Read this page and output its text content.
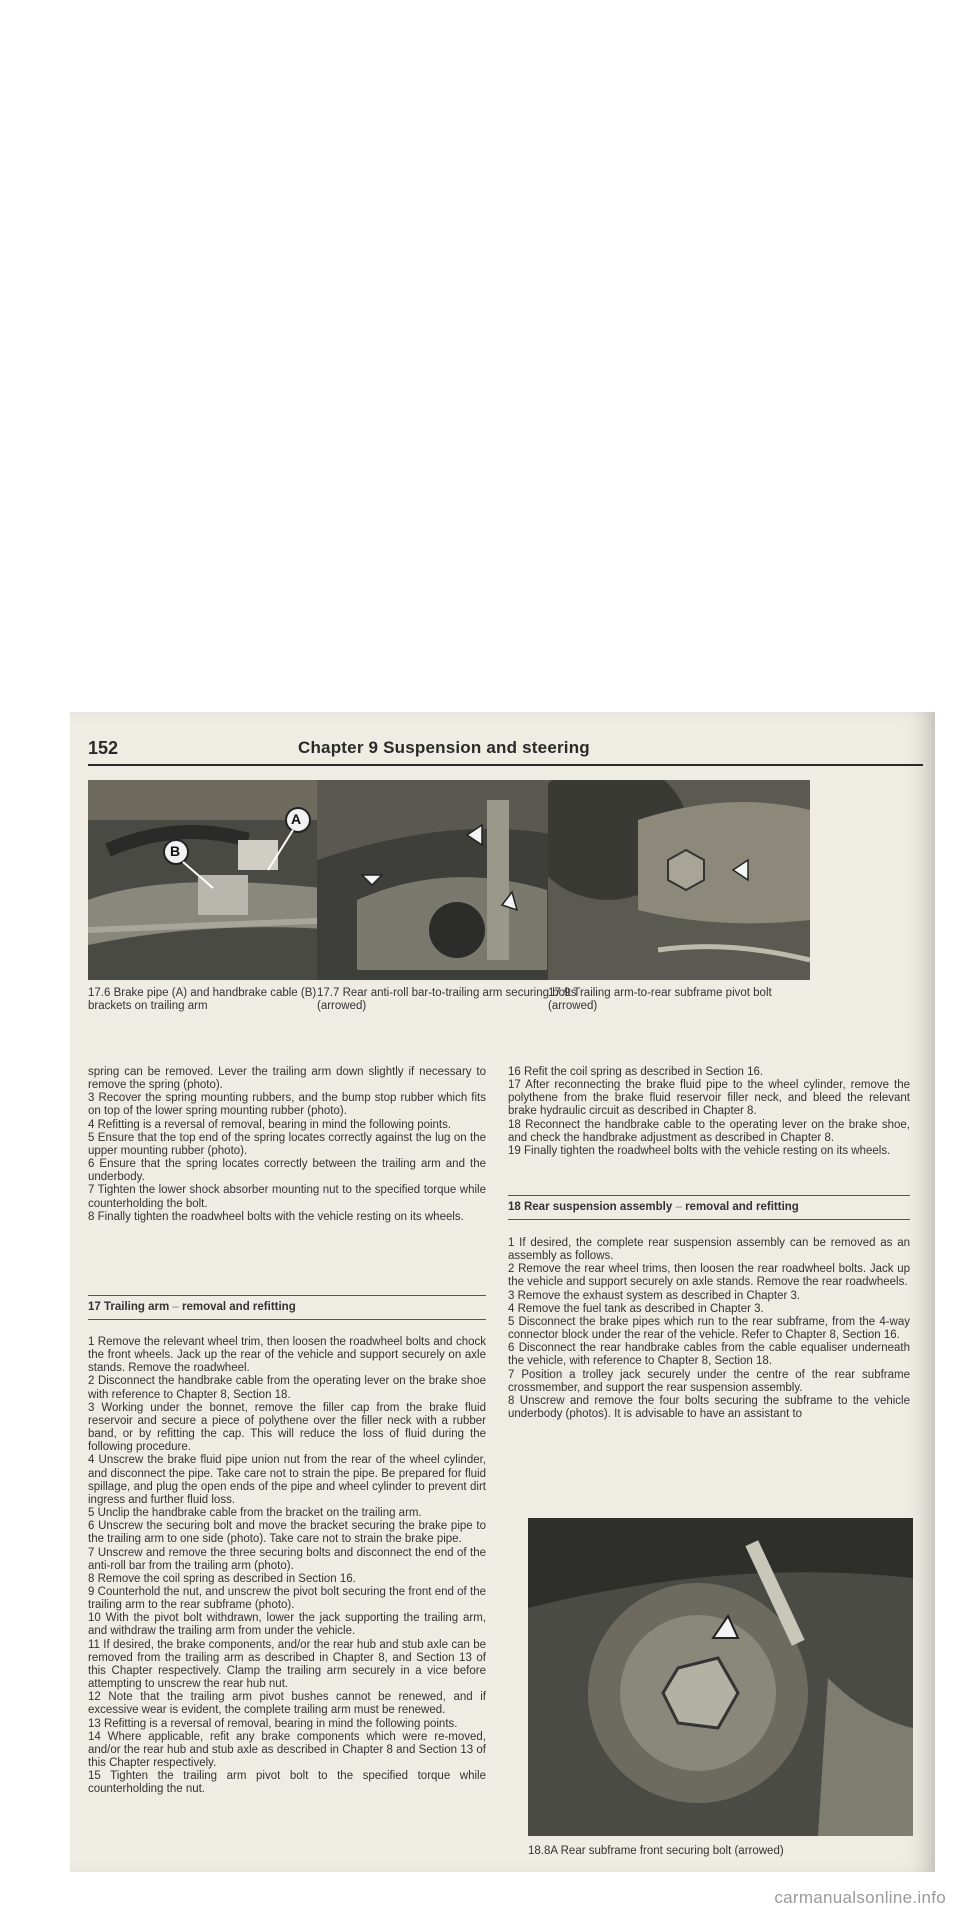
152	Chapter 9 Suspension and steering
A
B
17.6 Brake pipe (A) and handbrake cable (B) brackets on trailing arm
17.7 Rear anti-roll bar-to-trailing arm securing bolts (arrowed)
17.9 Trailing arm-to-rear subframe pivot bolt (arrowed)

spring can be removed. Lever the trailing arm down slightly if necessary to remove the spring (photo).

3 Recover the spring mounting rubbers, and the bump stop rubber which fits on top of the lower spring mounting rubber (photo).

4 Refitting is a reversal of removal, bearing in mind the following points.

5 Ensure that the top end of the spring locates correctly against the lug on the upper mounting rubber (photo).

6 Ensure that the spring locates correctly between the trailing arm and the underbody.

7 Tighten the lower shock absorber mounting nut to the specified torque while counterholding the bolt.

8 Finally tighten the roadwheel bolts with the vehicle resting on its wheels.

17 Trailing arm – removal and refitting

1 Remove the relevant wheel trim, then loosen the roadwheel bolts and chock the front wheels. Jack up the rear of the vehicle and support securely on axle stands. Remove the roadwheel.

2 Disconnect the handbrake cable from the operating lever on the brake shoe with reference to Chapter 8, Section 18.

3 Working under the bonnet, remove the filler cap from the brake fluid reservoir and secure a piece of polythene over the filler neck with a rubber band, or by refitting the cap. This will reduce the loss of fluid during the following procedure.

4 Unscrew the brake fluid pipe union nut from the rear of the wheel cylinder, and disconnect the pipe. Take care not to strain the pipe. Be prepared for fluid spillage, and plug the open ends of the pipe and wheel cylinder to prevent dirt ingress and further fluid loss.

5 Unclip the handbrake cable from the bracket on the trailing arm.

6 Unscrew the securing bolt and move the bracket securing the brake pipe to the trailing arm to one side (photo). Take care not to strain the brake pipe.

7 Unscrew and remove the three securing bolts and disconnect the end of the anti-roll bar from the trailing arm (photo).

8 Remove the coil spring as described in Section 16.

9 Counterhold the nut, and unscrew the pivot bolt securing the front end of the trailing arm to the rear subframe (photo).

10 With the pivot bolt withdrawn, lower the jack supporting the trailing arm, and withdraw the trailing arm from under the vehicle.

11 If desired, the brake components, and/or the rear hub and stub axle can be removed from the trailing arm as described in Chapter 8, and Section 13 of this Chapter respectively. Clamp the trailing arm securely in a vice before attempting to unscrew the rear hub nut.

12 Note that the trailing arm pivot bushes cannot be renewed, and if excessive wear is evident, the complete trailing arm must be renewed.

13 Refitting is a reversal of removal, bearing in mind the following points.

14 Where applicable, refit any brake components which were re-moved, and/or the rear hub and stub axle as described in Chapter 8 and Section 13 of this Chapter respectively.

15 Tighten the trailing arm pivot bolt to the specified torque while counterholding the nut.

16 Refit the coil spring as described in Section 16.

17 After reconnecting the brake fluid pipe to the wheel cylinder, remove the polythene from the brake fluid reservoir filler neck, and bleed the relevant brake hydraulic circuit as described in Chapter 8.

18 Reconnect the handbrake cable to the operating lever on the brake shoe, and check the handbrake adjustment as described in Chapter 8.

19 Finally tighten the roadwheel bolts with the vehicle resting on its wheels.

18 Rear suspension assembly – removal and refitting

1 If desired, the complete rear suspension assembly can be removed as an assembly as follows.

2 Remove the rear wheel trims, then loosen the rear roadwheel bolts. Jack up the vehicle and support securely on axle stands. Remove the rear roadwheels.

3 Remove the exhaust system as described in Chapter 3.

4 Remove the fuel tank as described in Chapter 3.

5 Disconnect the brake pipes which run to the rear subframe, from the 4-way connector block under the rear of the vehicle. Refer to Chapter 8, Section 16.

6 Disconnect the rear handbrake cables from the cable equaliser underneath the vehicle, with reference to Chapter 8, Section 18.

7 Position a trolley jack securely under the centre of the rear subframe crossmember, and support the rear suspension assembly.

8 Unscrew and remove the four bolts securing the subframe to the vehicle underbody (photos). It is advisable to have an assistant to

18.8A Rear subframe front securing bolt (arrowed)
carmanualsonline.info
